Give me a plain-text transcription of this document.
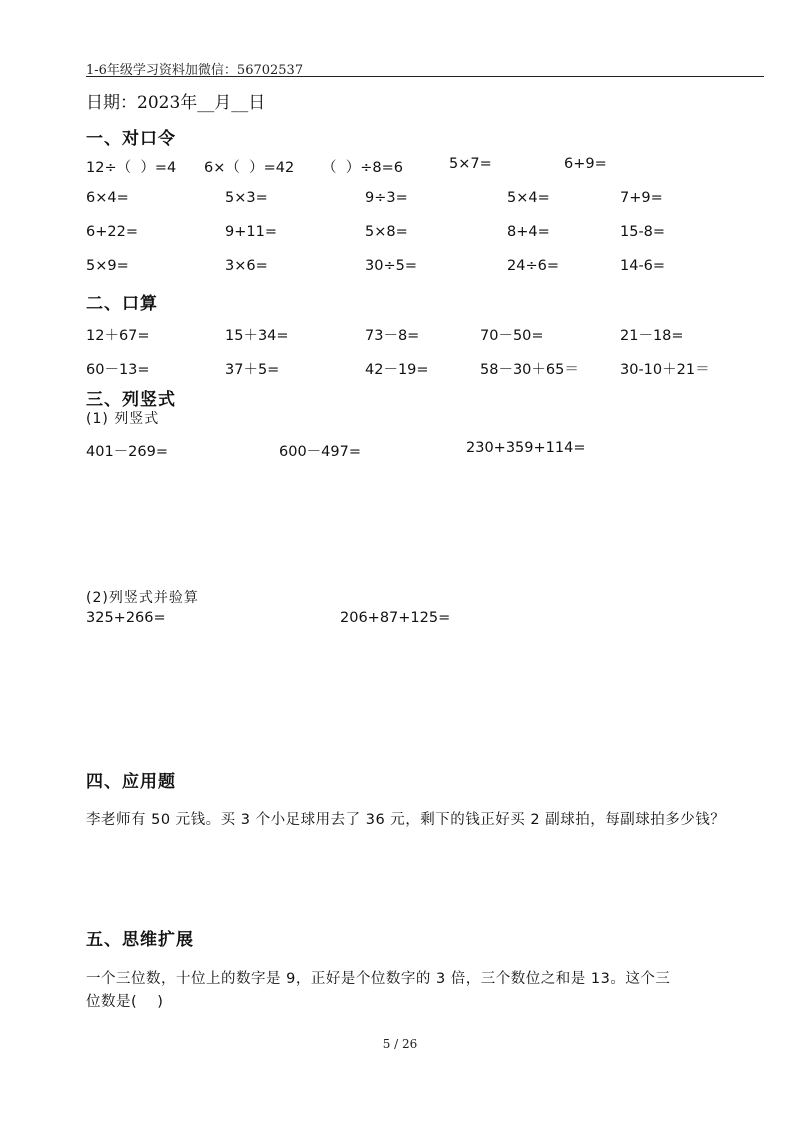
1-6年级学习资料加微信：56702537
日期：2023年__月__日
一、对口令
12÷（  ）=4 6×（  ）=42 （  ）÷8=6	5×7=	6+9=
6×4=	5×3=	9÷3=	5×4=	7+9=
6+22=	9+11=	5×8=	8+4=	15-8=
5×9=	3×6=	30÷5=	24÷6=	14-6=
二、口算
12＋67=	15＋34=	73－8=	70－50=	21－18=
60－13=	37＋5=	42－19=	58－30＋65＝	30-10＋21＝
三、列竖式
(1) 列竖式
401－269=	600－497=	230+359+114=
(2)列竖式并验算
325+266=	206+87+125=
四、应用题
李老师有 50 元钱。买 3 个小足球用去了 36 元，剩下的钱正好买 2 副球拍，每副球拍多少钱？
五、思维扩展
一个三位数，十位上的数字是 9，正好是个位数字的 3 倍，三个数位之和是 13。这个三
位数是(　 )
5 / 26
